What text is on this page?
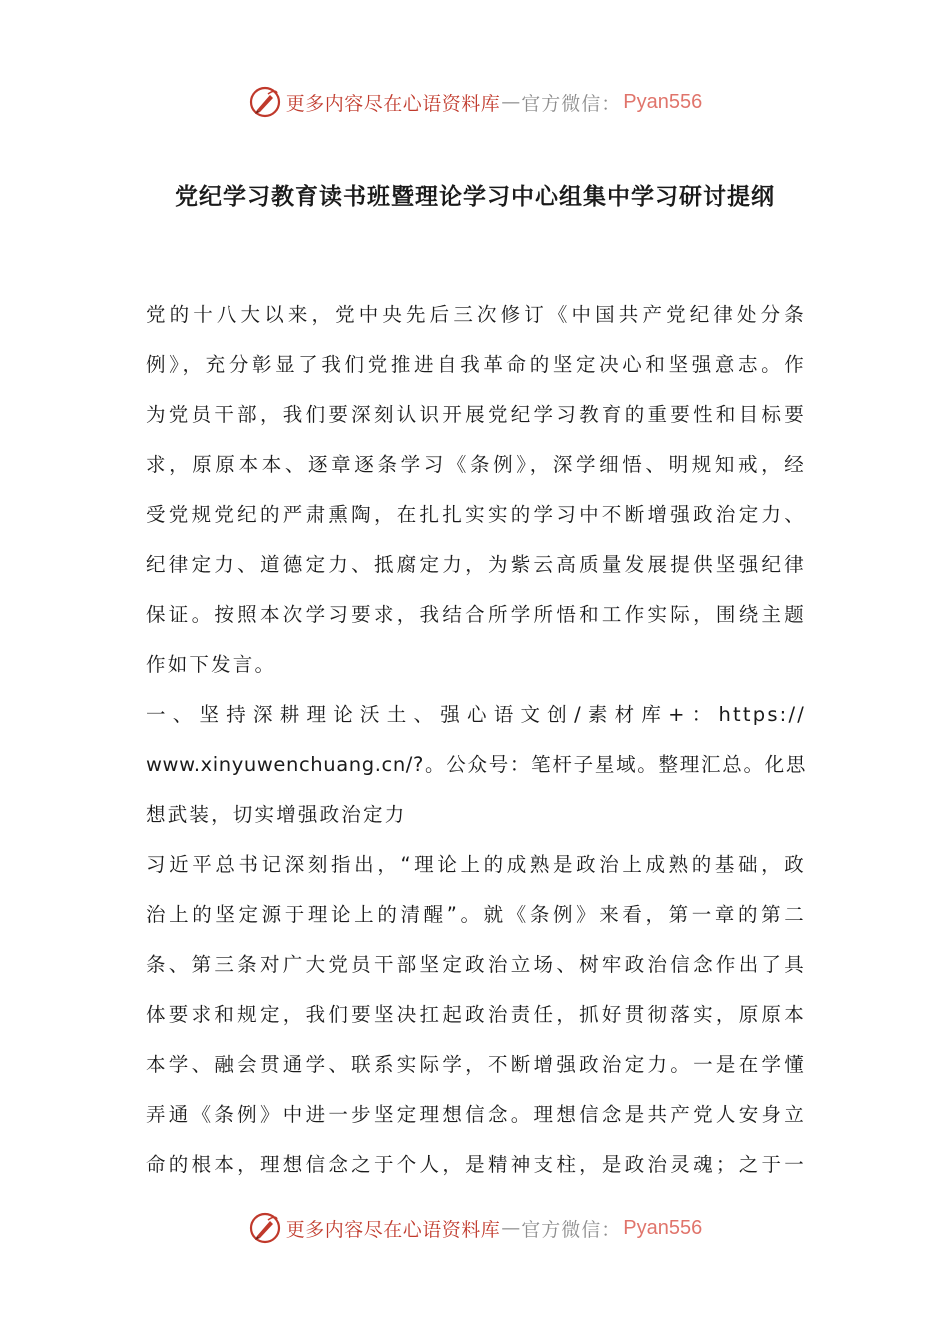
更多内容尽在心语资料库 — 官方微信： Pyan556
党纪学习教育读书班暨理论学习中心组集中学习研讨提纲
党的十八大以来，党中央先后三次修订《中国共产党纪律处分条
例》，充分彰显了我们党推进自我革命的坚定决心和坚强意志。作
为党员干部，我们要深刻认识开展党纪学习教育的重要性和目标要
求，原原本本、逐章逐条学习《条例》，深学细悟、明规知戒，经
受党规党纪的严肃熏陶，在扎扎实实的学习中不断增强政治定力、
纪律定力、道德定力、抵腐定力，为紫云高质量发展提供坚强纪律
保证。按照本次学习要求，我结合所学所悟和工作实际，围绕主题
作如下发言。
一、坚持深耕理论沃土、强心语文创/素材库+：https://
www.xinyuwenchuang.cn/?。公众号：笔杆子星域。整理汇总。化思
想武装，切实增强政治定力
习近平总书记深刻指出，“理论上的成熟是政治上成熟的基础，政
治上的坚定源于理论上的清醒”。就《条例》来看，第一章的第二
条、第三条对广大党员干部坚定政治立场、树牢政治信念作出了具
体要求和规定，我们要坚决扛起政治责任，抓好贯彻落实，原原本
本学、融会贯通学、联系实际学，不断增强政治定力。一是在学懂
弄通《条例》中进一步坚定理想信念。理想信念是共产党人安身立
命的根本，理想信念之于个人，是精神支柱，是政治灵魂；之于一
更多内容尽在心语资料库 — 官方微信： Pyan556
